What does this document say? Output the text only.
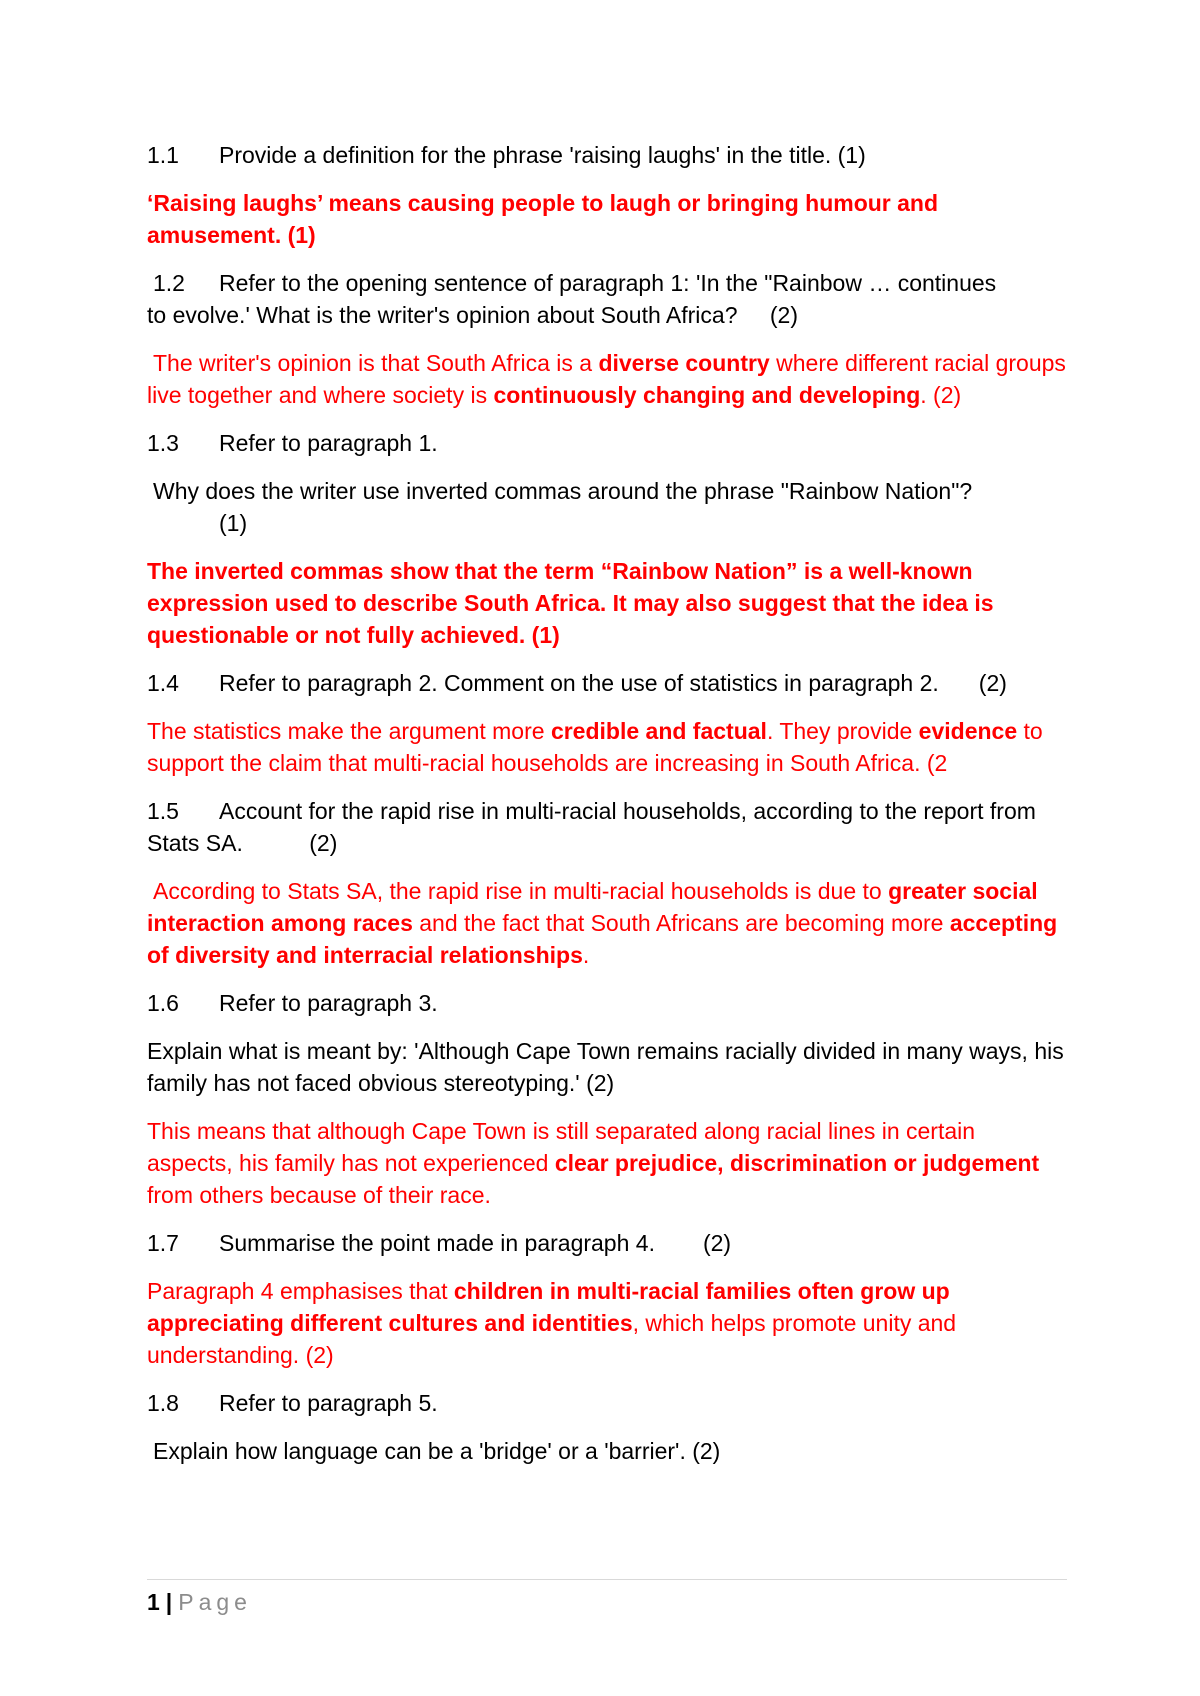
1.1	Provide a definition for the phrase 'raising laughs' in the title. (1)

‘Raising laughs’ means causing people to laugh or bringing humour and amusement. (1)

1.2	Refer to the opening sentence of paragraph 1: 'In the "Rainbow … continues
to evolve.' What is the writer's opinion about South Africa? (2)

The writer's opinion is that South Africa is a diverse country where different racial groups live together and where society is continuously changing and developing. (2)

1.3	Refer to paragraph 1.
Why does the writer use inverted commas around the phrase "Rainbow Nation"?
(1)

The inverted commas show that the term “Rainbow Nation” is a well-known expression used to describe South Africa. It may also suggest that the idea is questionable or not fully achieved. (1)

1.4	Refer to paragraph 2. Comment on the use of statistics in paragraph 2. (2)

The statistics make the argument more credible and factual. They provide evidence to support the claim that multi-racial households are increasing in South Africa. (2

1.5 Account for the rapid rise in multi-racial households, according to the report from Stats SA.	(2)

According to Stats SA, the rapid rise in multi-racial households is due to greater social interaction among races and the fact that South Africans are becoming more accepting of diversity and interracial relationships.

1.6	Refer to paragraph 3.

Explain what is meant by: 'Although Cape Town remains racially divided in many ways, his family has not faced obvious stereotyping.' (2)

This means that although Cape Town is still separated along racial lines in certain aspects, his family has not experienced clear prejudice, discrimination or judgement from others because of their race.

1.7	Summarise the point made in paragraph 4. (2)

Paragraph 4 emphasises that children in multi-racial families often grow up appreciating different cultures and identities, which helps promote unity and understanding. (2)

1.8	Refer to paragraph 5.

Explain how language can be a 'bridge' or a 'barrier'. (2)

1 | Page
